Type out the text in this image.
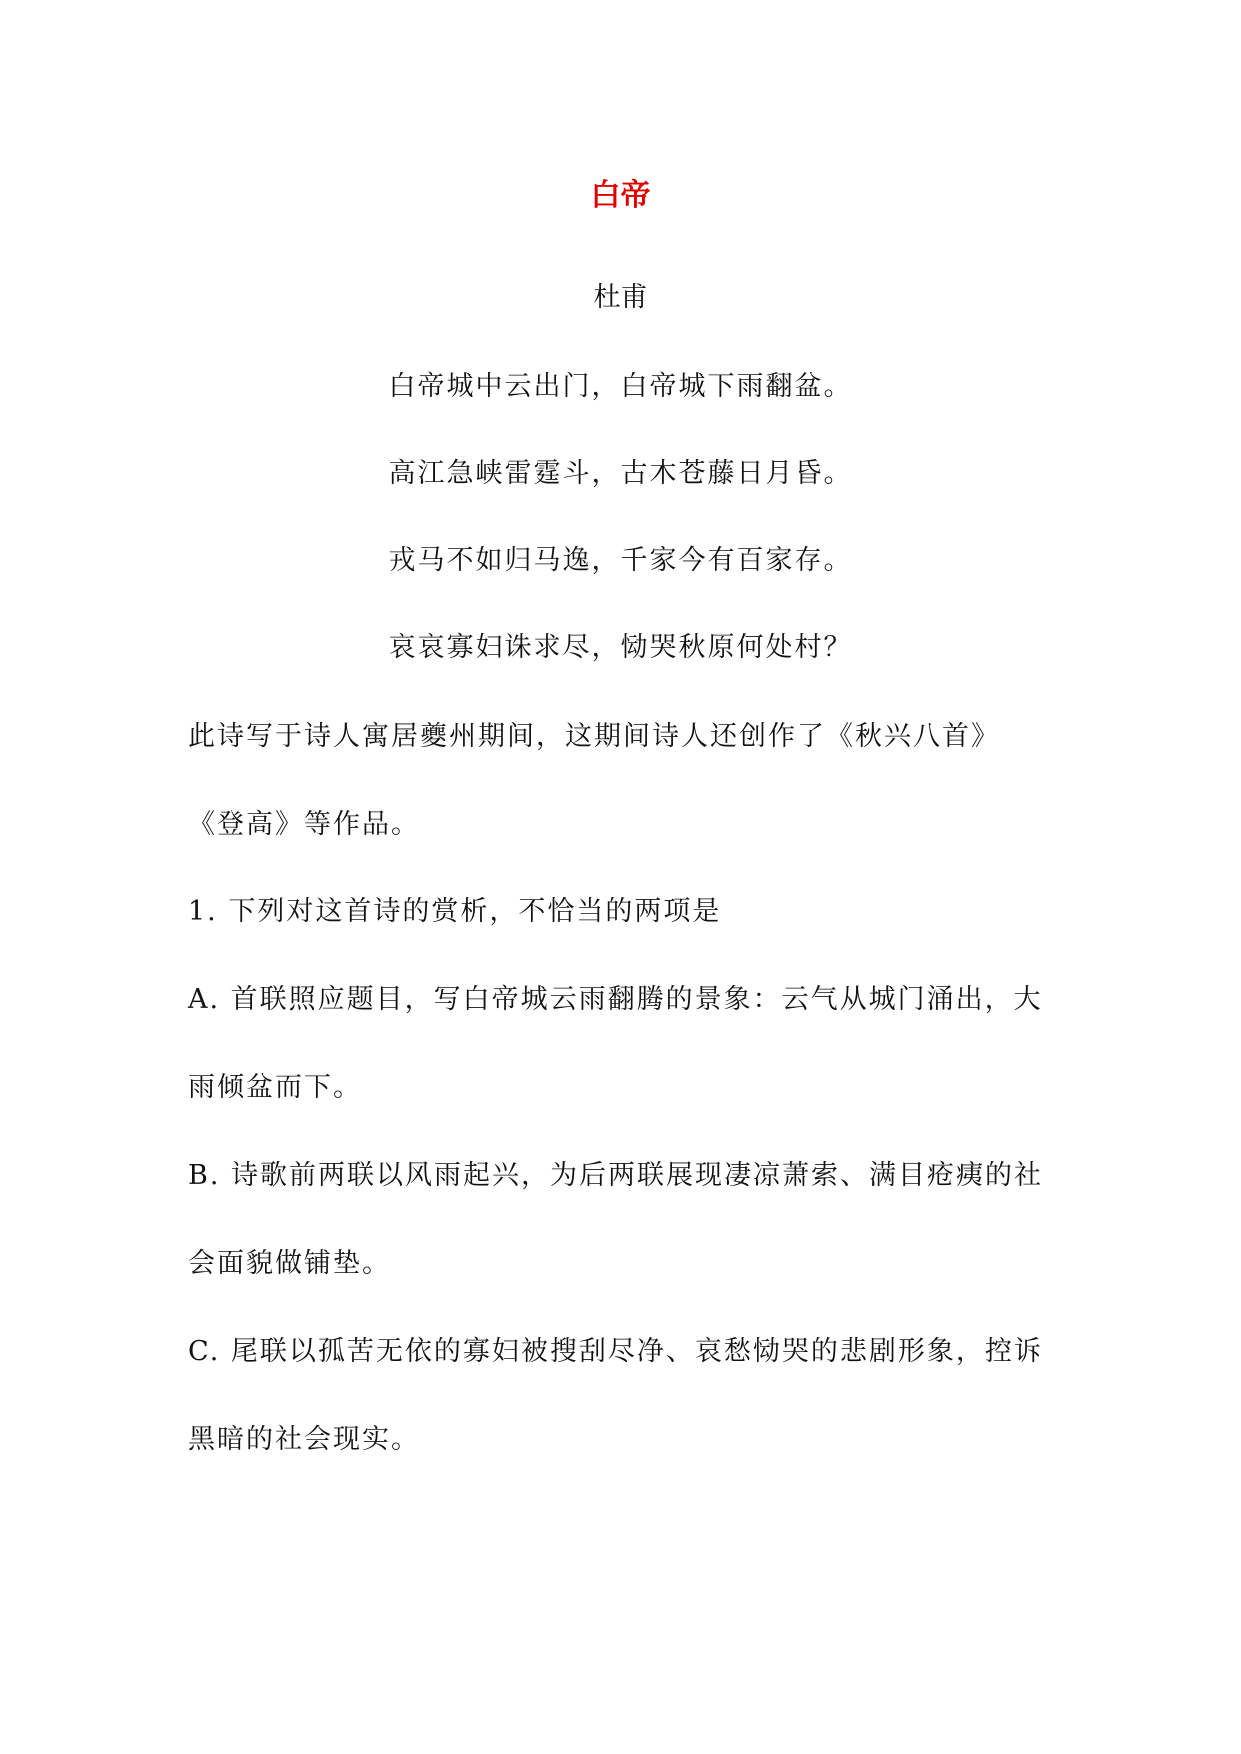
白帝
杜甫
白帝城中云出门，白帝城下雨翻盆。
高江急峡雷霆斗，古木苍藤日月昏。
戎马不如归马逸，千家今有百家存。
哀哀寡妇诛求尽，恸哭秋原何处村？
此诗写于诗人寓居夔州期间，这期间诗人还创作了《秋兴八首》
《登高》等作品。
1. 下列对这首诗的赏析，不恰当的两项是
A. 首联照应题目，写白帝城云雨翻腾的景象：云气从城门涌出，大
雨倾盆而下。
B. 诗歌前两联以风雨起兴，为后两联展现凄凉萧索、满目疮痍的社
会面貌做铺垫。
C. 尾联以孤苦无依的寡妇被搜刮尽净、哀愁恸哭的悲剧形象，控诉
黑暗的社会现实。
